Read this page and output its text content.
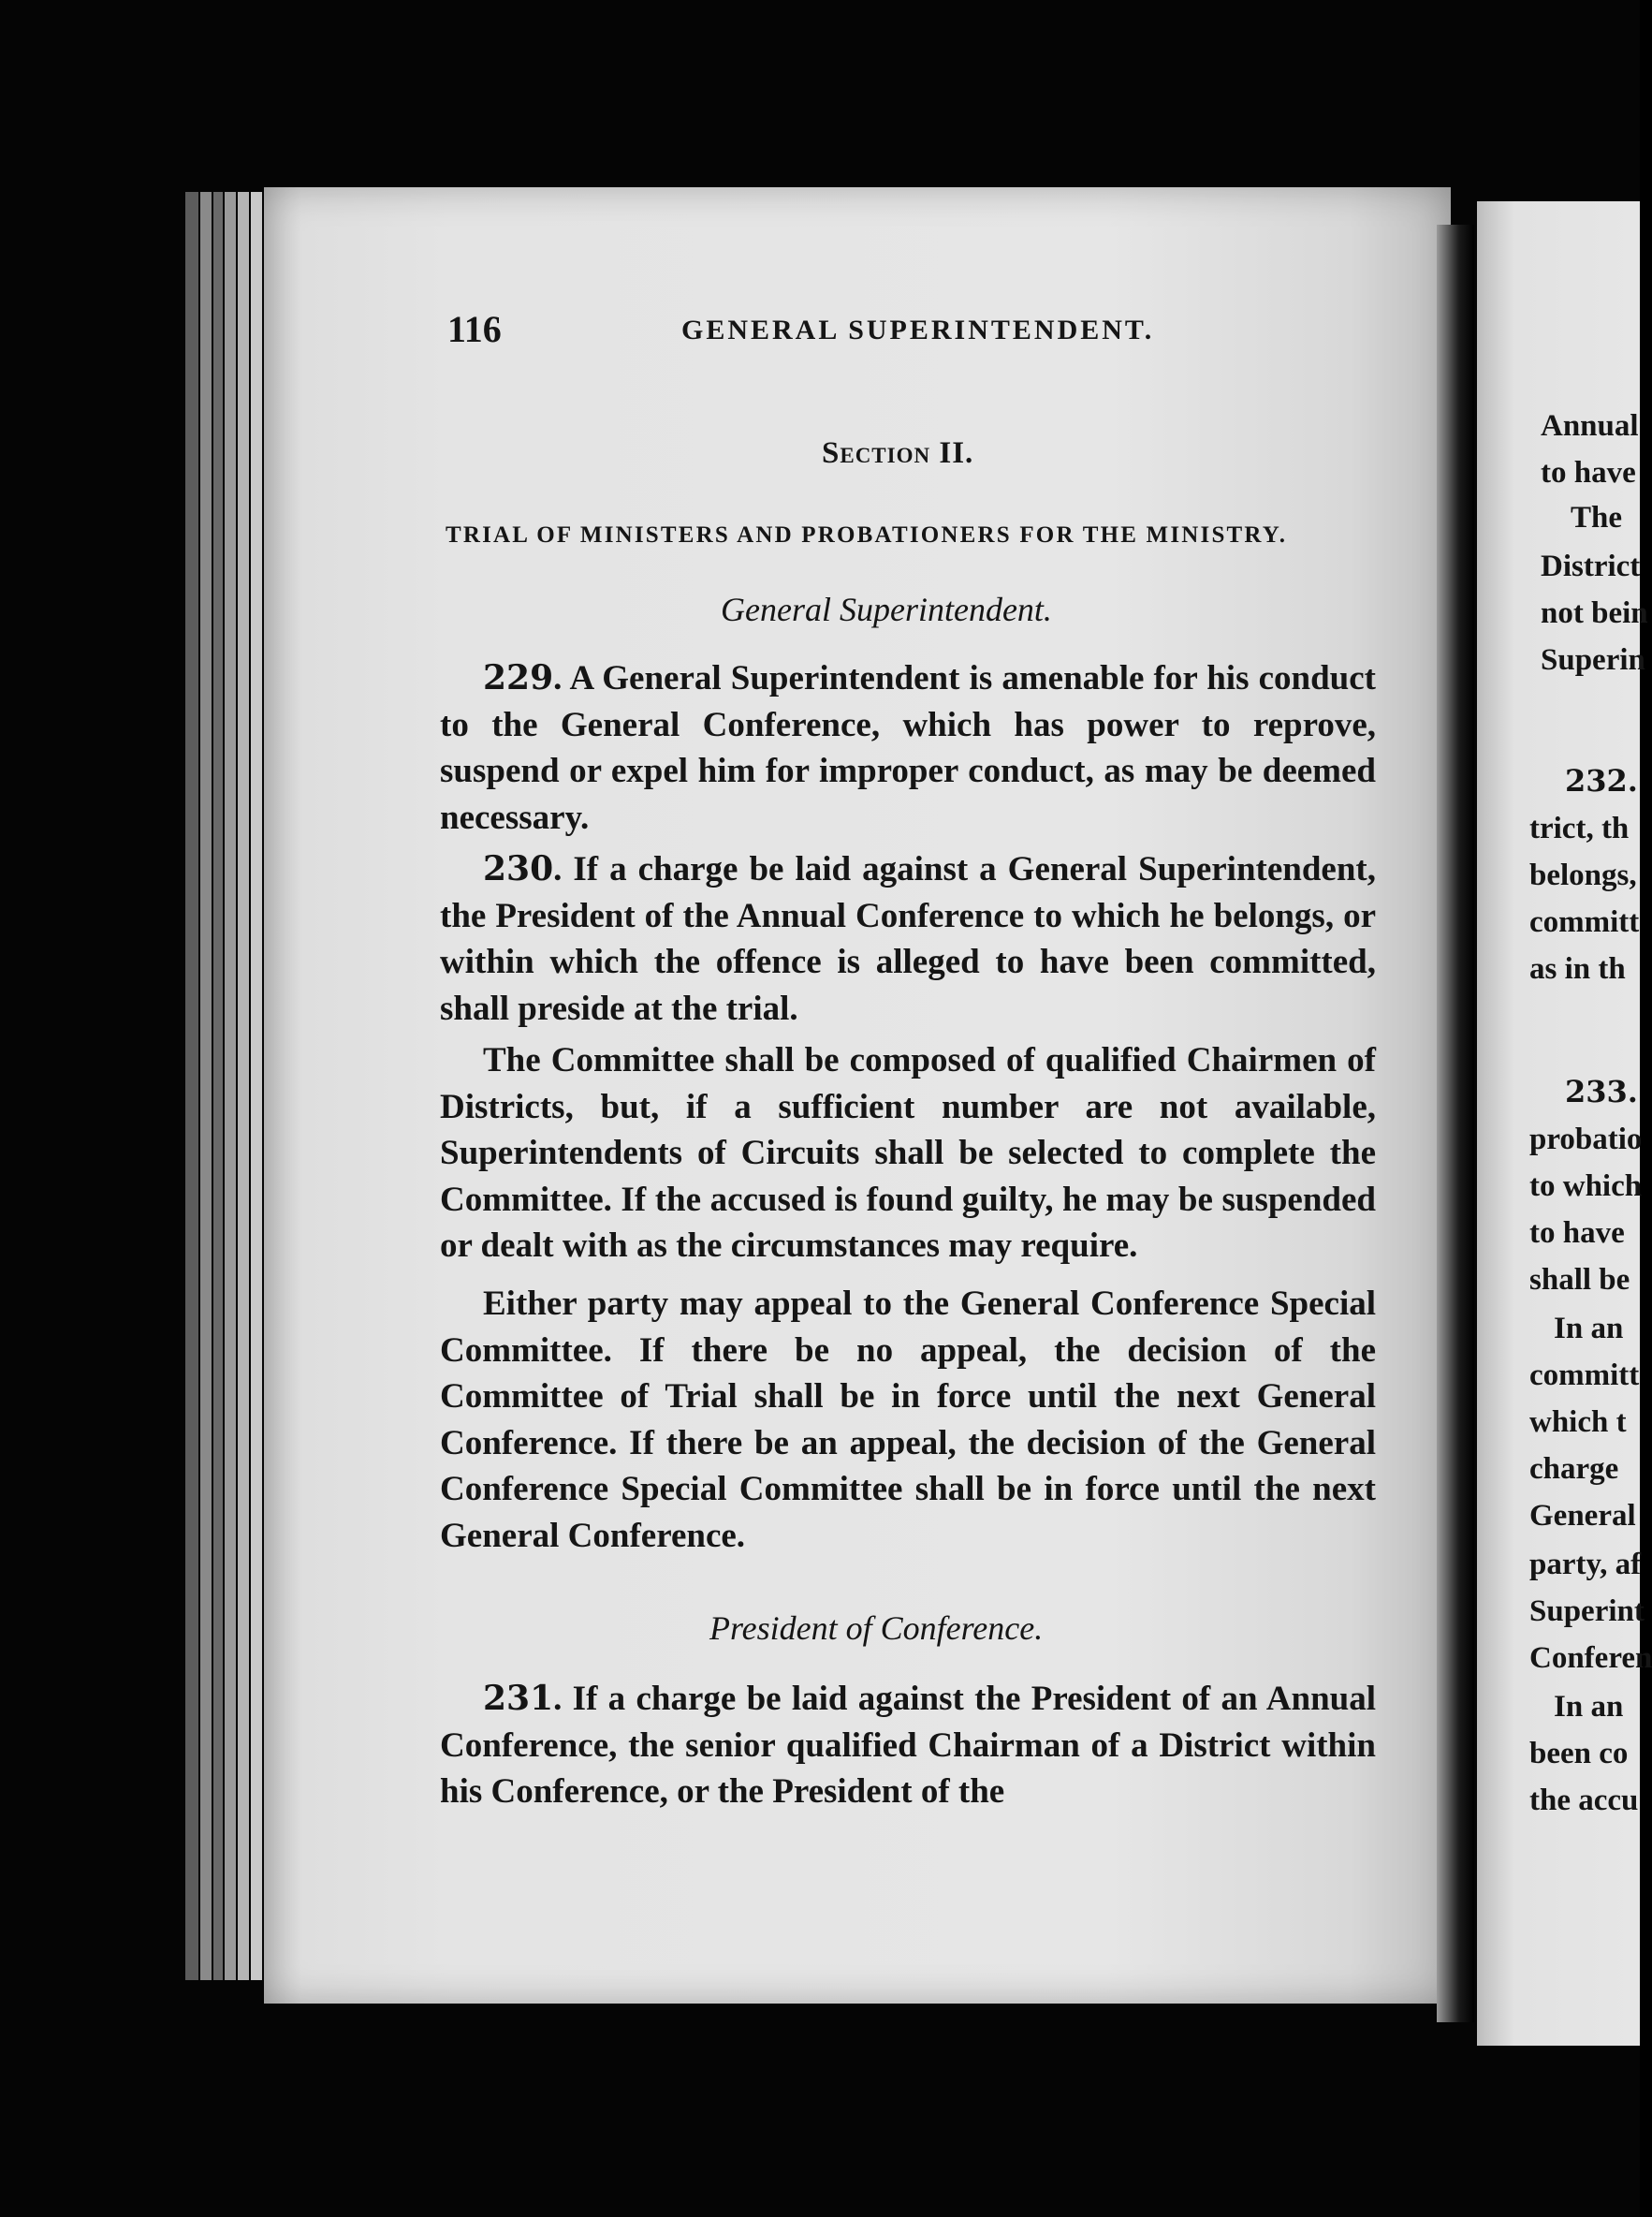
116	GENERAL SUPERINTENDENT.
Section II.
TRIAL OF MINISTERS AND PROBATIONERS FOR THE MINISTRY.
General Superintendent.
229. A General Superintendent is amenable for his conduct to the General Conference, which has power to reprove, suspend or expel him for improper conduct, as may be deemed necessary.
230. If a charge be laid against a General Superintendent, the President of the Annual Conference to which he belongs, or within which the offence is alleged to have been committed, shall preside at the trial.
The Committee shall be composed of qualified Chairmen of Districts, but, if a sufficient number are not available, Superintendents of Circuits shall be selected to complete the Committee. If the accused is found guilty, he may be suspended or dealt with as the circumstances may require.
Either party may appeal to the General Conference Special Committee. If there be no appeal, the decision of the Committee of Trial shall be in force until the next General Conference. If there be an appeal, the decision of the General Conference Special Committee shall be in force until the next General Conference.
President of Conference.
231. If a charge be laid against the President of an Annual Conference, the senior qualified Chairman of a District within his Conference, or the President of the
Annual
to have
The
District
not bein
Superin
232.
trict, th
belongs,
committ
as in th
233.
probatio
to which
to have
shall be
In an
committ
which t
charge
General
party, af
Superint
Conferen
In an
been co
the accu
